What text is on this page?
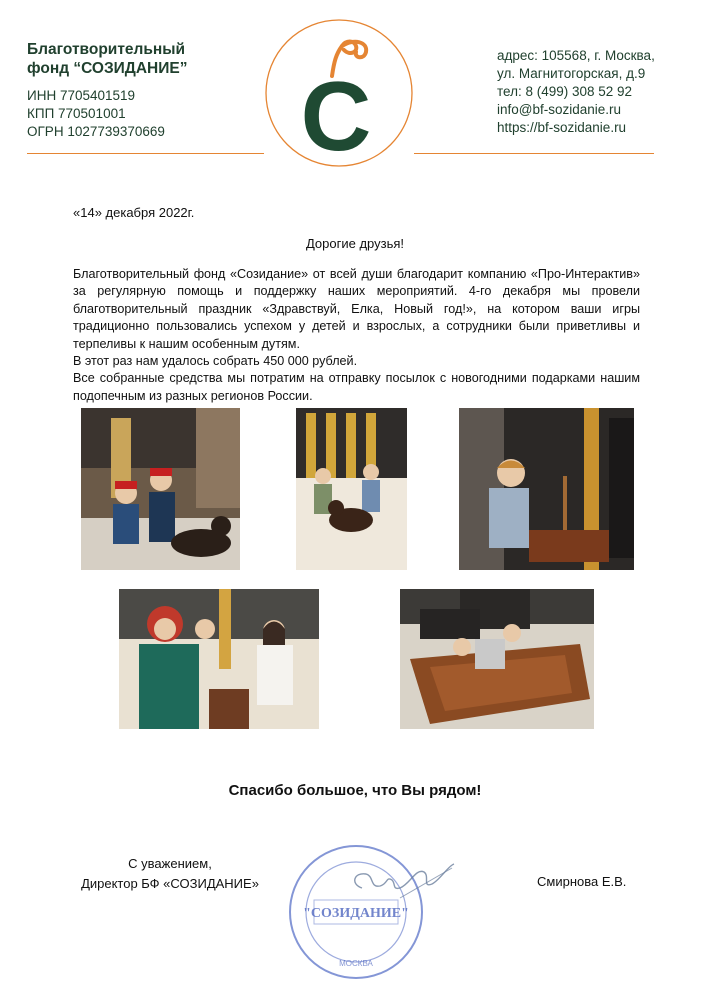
Благотворительный
фонд “СОЗИДАНИЕ”
ИНН 7705401519
КПП 770501001
ОГРН 1027739370669 С
адрес: 105568, г. Москва,
ул. Магнитогорская, д.9
тел: 8 (499) 308 52 92
info@bf-sozidanie.ru
https://bf-sozidanie.ru
«14» декабря 2022г.
Дорогие друзья!

Благотворительный фонд «Созидание» от всей души благодарит компанию «Про-Интерактив» за регулярную помощь и поддержку наших мероприятий. 4-го декабря мы провели благотворительный праздник «Здравствуй, Елка, Новый год!», на котором ваши игры традиционно пользовались успехом у детей и взрослых, а сотрудники были приветливы и терпеливы к нашим особенным дутям.

В этот раз нам удалось собрать 450 000 рублей.

Все собранные средства мы потратим на отправку посылок с новогодними подарками нашим подопечным из разных регионов России.

Спасибо большое, что Вы рядом!
С уважением,
Директор БФ «СОЗИДАНИЕ»
"СОЗИДАНИЕ"
МОСКВА
Смирнова Е.В.
